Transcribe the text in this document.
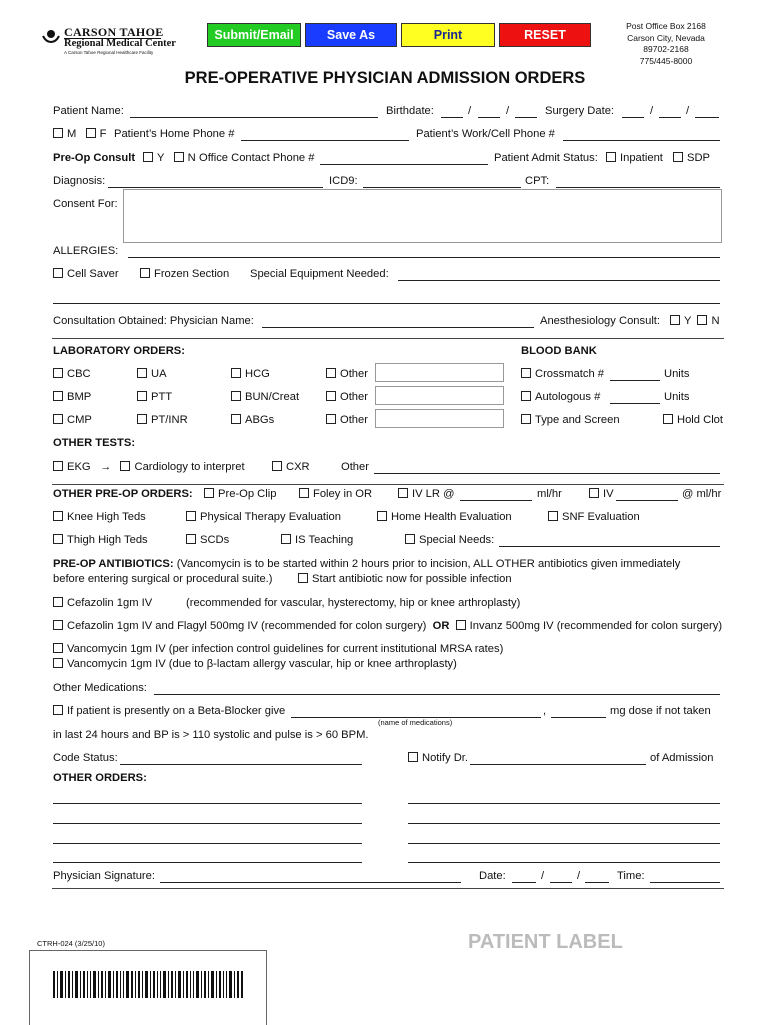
CARSON TAHOE
Regional Medical Center
A Carson Tahoe Regional Healthcare Facility
Submit/Email	Save As	Print	RESET
Post Office Box 2168
Carson City, Nevada
89702-2168
775/445-8000
PRE-OPERATIVE PHYSICIAN ADMISSION ORDERS
Patient Name:	Birthdate:	/	/	Surgery Date:	/	/
M F Patient’s Home Phone #	Patient’s Work/Cell Phone #
Pre-Op Consult	Y N Office Contact Phone #	Patient Admit Status:	Inpatient	SDP
Diagnosis:	ICD9:	CPT:
Consent For:
ALLERGIES:
Cell Saver	Frozen Section Special Equipment Needed:
Consultation Obtained: Physician Name:	Anesthesiology Consult:	Y N
LABORATORY ORDERS:	BLOOD BANK
CBC	UA	HCG	Other	Crossmatch #	Units
BMP	PTT	BUN/Creat	Other	Autologous #	Units
CMP	PT/INR	ABGs	Other	Type and Screen	Hold Clot
OTHER TESTS:
EKG → Cardiology to interpret	CXR	Other
OTHER PRE-OP ORDERS:	Pre-Op Clip	Foley in OR	IV LR @	ml/hr	IV	@ ml/hr
Knee High Teds	Physical Therapy Evaluation	Home Health Evaluation	SNF Evaluation
Thigh High Teds	SCDs	IS Teaching	Special Needs:
PRE-OP ANTIBIOTICS: (Vancomycin is to be started within 2 hours prior to incision, ALL OTHER antibiotics given immediately
before entering surgical or procedural suite.)	Start antibiotic now for possible infection
Cefazolin 1gm IV	(recommended for vascular, hysterectomy, hip or knee arthroplasty)
Cefazolin 1gm IV and Flagyl 500mg IV (recommended for colon surgery) OR Invanz 500mg IV (recommended for colon surgery)
Vancomycin 1gm IV (per infection control guidelines for current institutional MRSA rates)
Vancomycin 1gm IV (due to β-lactam allergy vascular, hip or knee arthroplasty)
Other Medications:
If patient is presently on a Beta-Blocker give	,	mg dose if not taken
(name of medications)
in last 24 hours and BP is > 110 systolic and pulse is > 60 BPM.
Code Status:	Notify Dr.	of Admission
OTHER ORDERS:
Physician Signature:	Date:	/	/	Time:
CTRH-024 (3/25/10)	PATIENT LABEL
